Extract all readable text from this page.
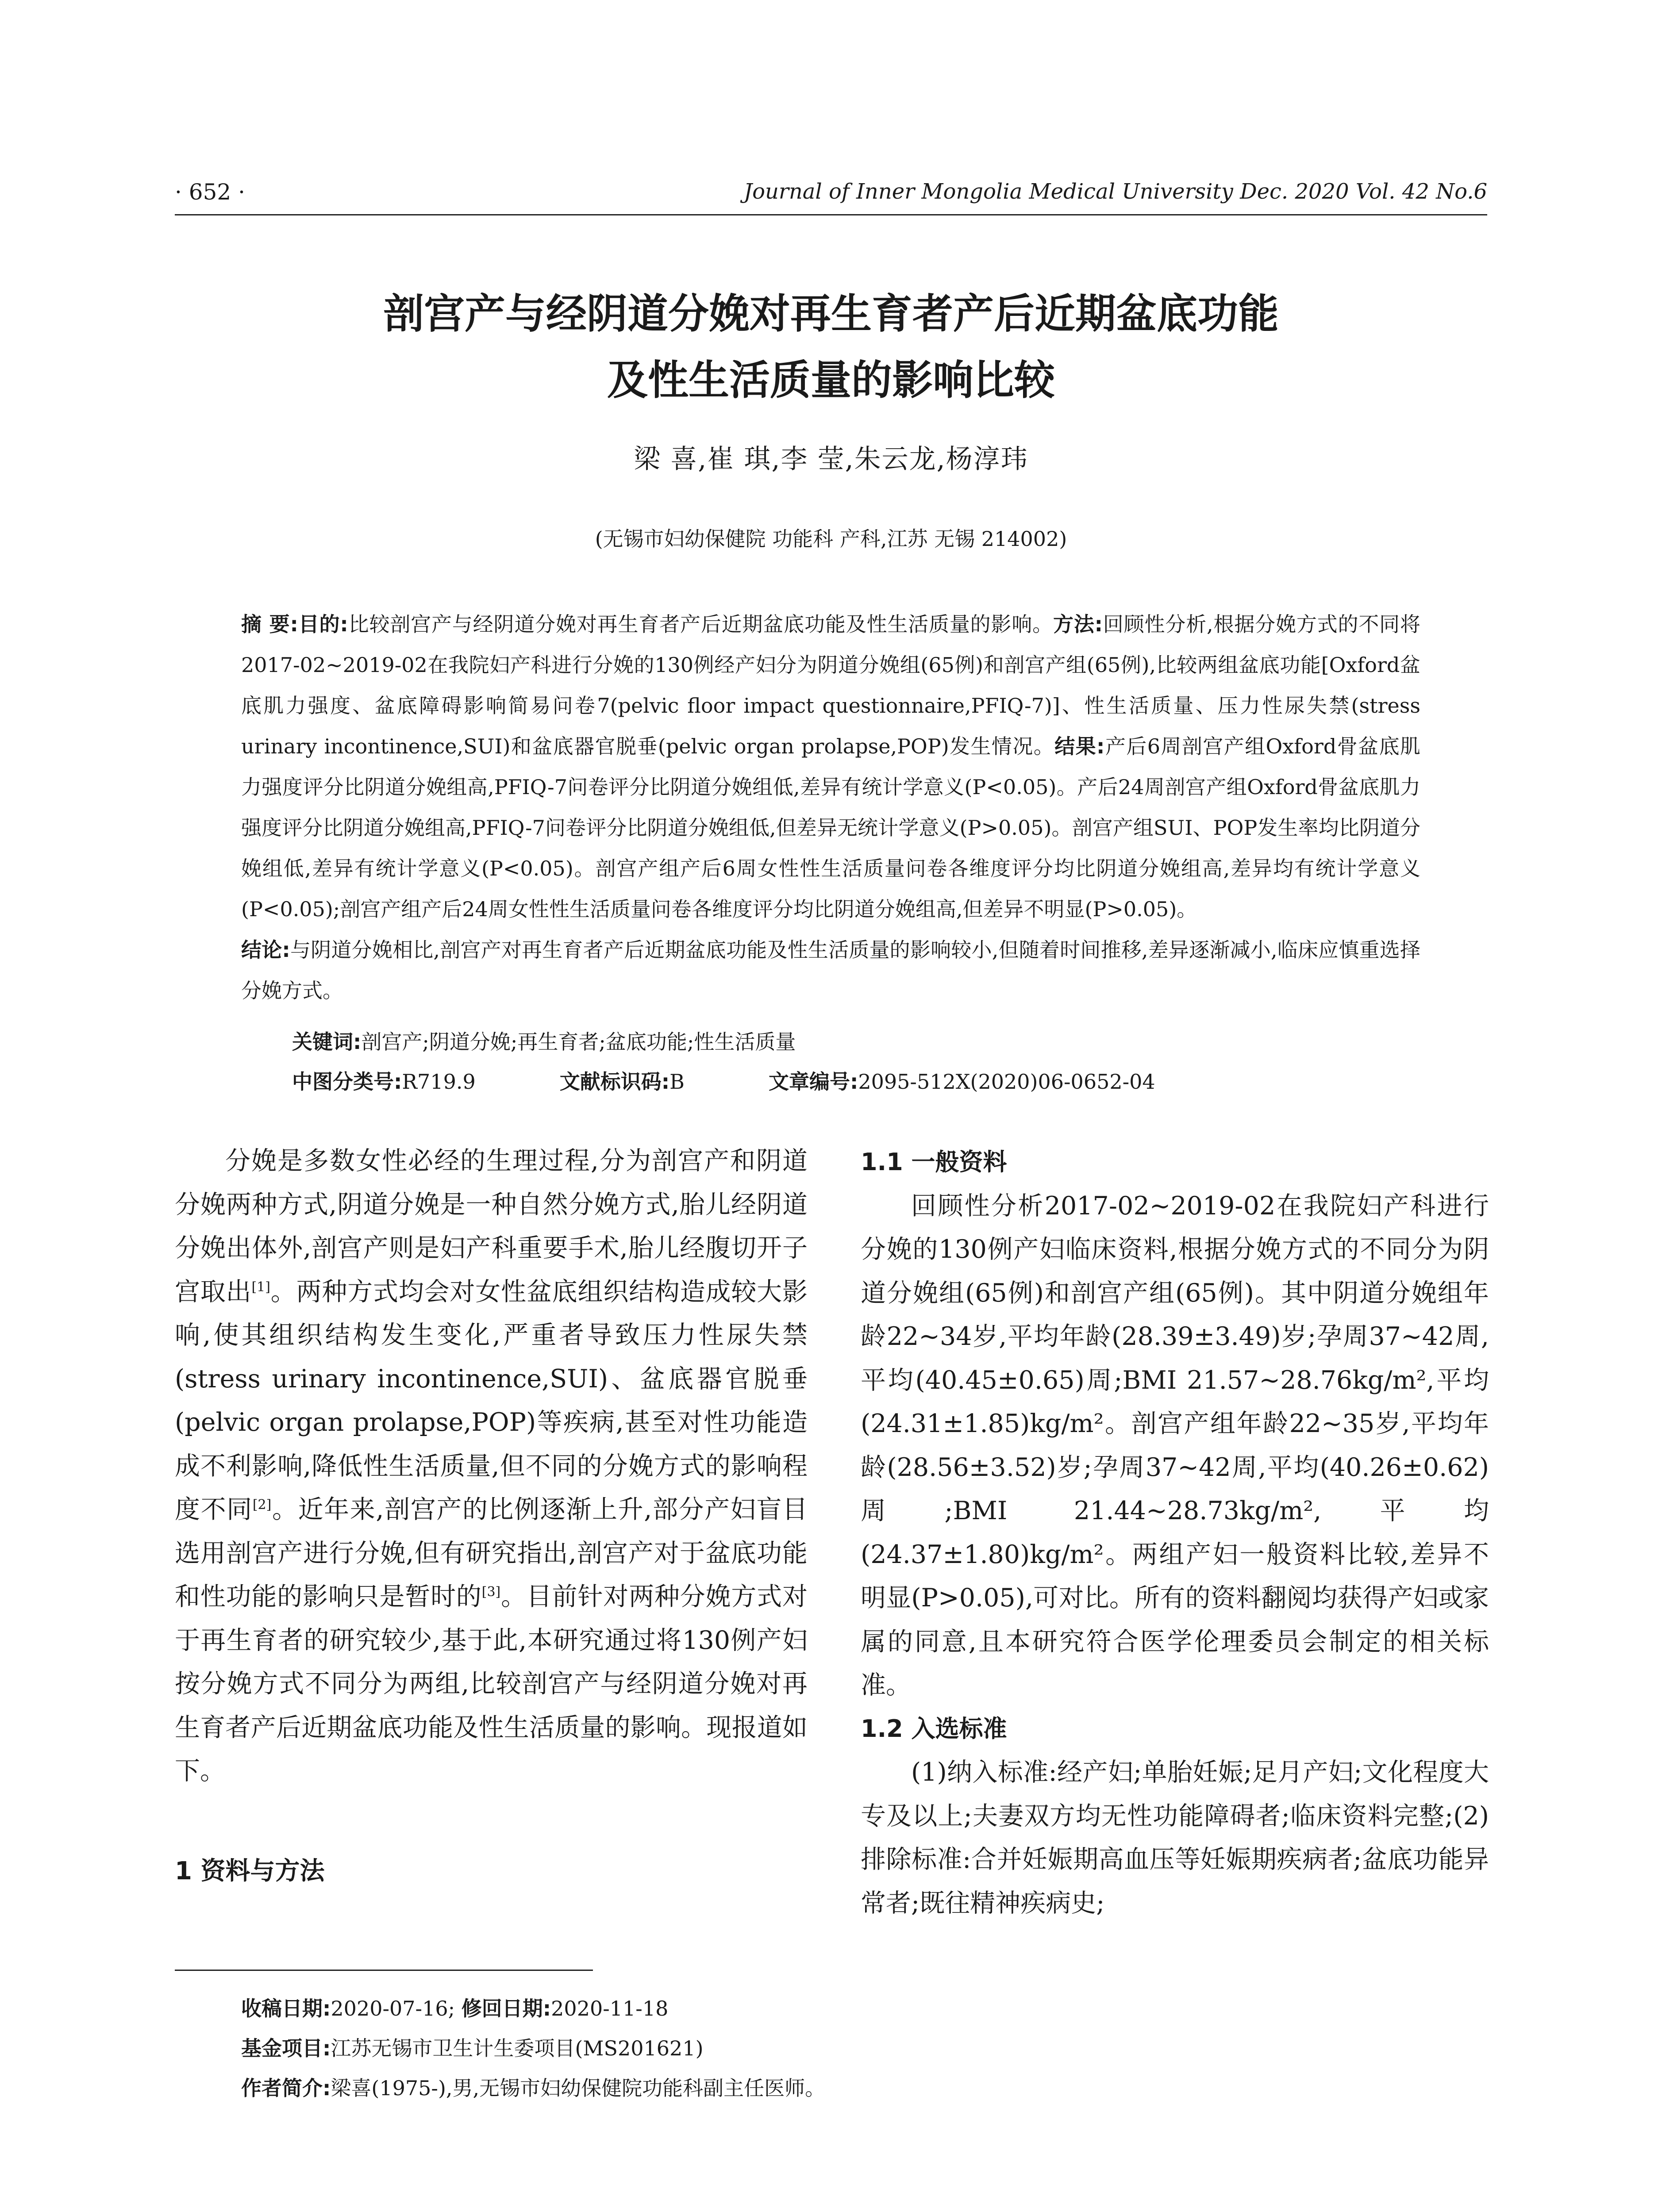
· 652 ·	Journal of Inner Mongolia Medical University Dec. 2020 Vol. 42 No.6
剖宫产与经阴道分娩对再生育者产后近期盆底功能
及性生活质量的影响比较
梁 喜,崔 琪,李 莹,朱云龙,杨淳玮
(无锡市妇幼保健院 功能科 产科,江苏 无锡 214002)
摘 要:目的:比较剖宫产与经阴道分娩对再生育者产后近期盆底功能及性生活质量的影响。方法:回顾性分析,根据分娩方式的不同将2017-02~2019-02在我院妇产科进行分娩的130例经产妇分为阴道分娩组(65例)和剖宫产组(65例),比较两组盆底功能[Oxford盆底肌力强度、盆底障碍影响简易问卷7(pelvic floor impact questionnaire,PFIQ-7)]、性生活质量、压力性尿失禁(stress urinary incontinence,SUI)和盆底器官脱垂(pelvic organ prolapse,POP)发生情况。结果:产后6周剖宫产组Oxford骨盆底肌力强度评分比阴道分娩组高,PFIQ-7问卷评分比阴道分娩组低,差异有统计学意义(P<0.05)。产后24周剖宫产组Oxford骨盆底肌力强度评分比阴道分娩组高,PFIQ-7问卷评分比阴道分娩组低,但差异无统计学意义(P>0.05)。剖宫产组SUI、POP发生率均比阴道分娩组低,差异有统计学意义(P<0.05)。剖宫产组产后6周女性性生活质量问卷各维度评分均比阴道分娩组高,差异均有统计学意义(P<0.05);剖宫产组产后24周女性性生活质量问卷各维度评分均比阴道分娩组高,但差异不明显(P>0.05)。
结论:与阴道分娩相比,剖宫产对再生育者产后近期盆底功能及性生活质量的影响较小,但随着时间推移,差异逐渐减小,临床应慎重选择分娩方式。
关键词:剖宫产;阴道分娩;再生育者;盆底功能;性生活质量
中图分类号:R719.9	文献标识码:B	文章编号:2095-512X(2020)06-0652-04

分娩是多数女性必经的生理过程,分为剖宫产和阴道分娩两种方式,阴道分娩是一种自然分娩方式,胎儿经阴道分娩出体外,剖宫产则是妇产科重要手术,胎儿经腹切开子宫取出[1]。两种方式均会对女性盆底组织结构造成较大影响,使其组织结构发生变化,严重者导致压力性尿失禁(stress urinary incontinence,SUI)、盆底器官脱垂(pelvic organ prolapse,POP)等疾病,甚至对性功能造成不利影响,降低性生活质量,但不同的分娩方式的影响程度不同[2]。近年来,剖宫产的比例逐渐上升,部分产妇盲目选用剖宫产进行分娩,但有研究指出,剖宫产对于盆底功能和性功能的影响只是暂时的[3]。目前针对两种分娩方式对于再生育者的研究较少,基于此,本研究通过将130例产妇按分娩方式不同分为两组,比较剖宫产与经阴道分娩对再生育者产后近期盆底功能及性生活质量的影响。现报道如下。

1 资料与方法

1.1 一般资料

回顾性分析2017-02~2019-02在我院妇产科进行分娩的130例产妇临床资料,根据分娩方式的不同分为阴道分娩组(65例)和剖宫产组(65例)。其中阴道分娩组年龄22~34岁,平均年龄(28.39±3.49)岁;孕周37~42周,平均(40.45±0.65)周;BMI 21.57~28.76kg/m²,平均(24.31±1.85)kg/m²。剖宫产组年龄22~35岁,平均年龄(28.56±3.52)岁;孕周37~42周,平均(40.26±0.62)周;BMI 21.44~28.73kg/m²,平均(24.37±1.80)kg/m²。两组产妇一般资料比较,差异不明显(P>0.05),可对比。所有的资料翻阅均获得产妇或家属的同意,且本研究符合医学伦理委员会制定的相关标准。

1.2 入选标准

(1)纳入标准:经产妇;单胎妊娠;足月产妇;文化程度大专及以上;夫妻双方均无性功能障碍者;临床资料完整;(2)排除标准:合并妊娠期高血压等妊娠期疾病者;盆底功能异常者;既往精神疾病史;

收稿日期:2020-07-16; 修回日期:2020-11-18
基金项目:江苏无锡市卫生计生委项目(MS201621)
作者简介:梁喜(1975-),男,无锡市妇幼保健院功能科副主任医师。
